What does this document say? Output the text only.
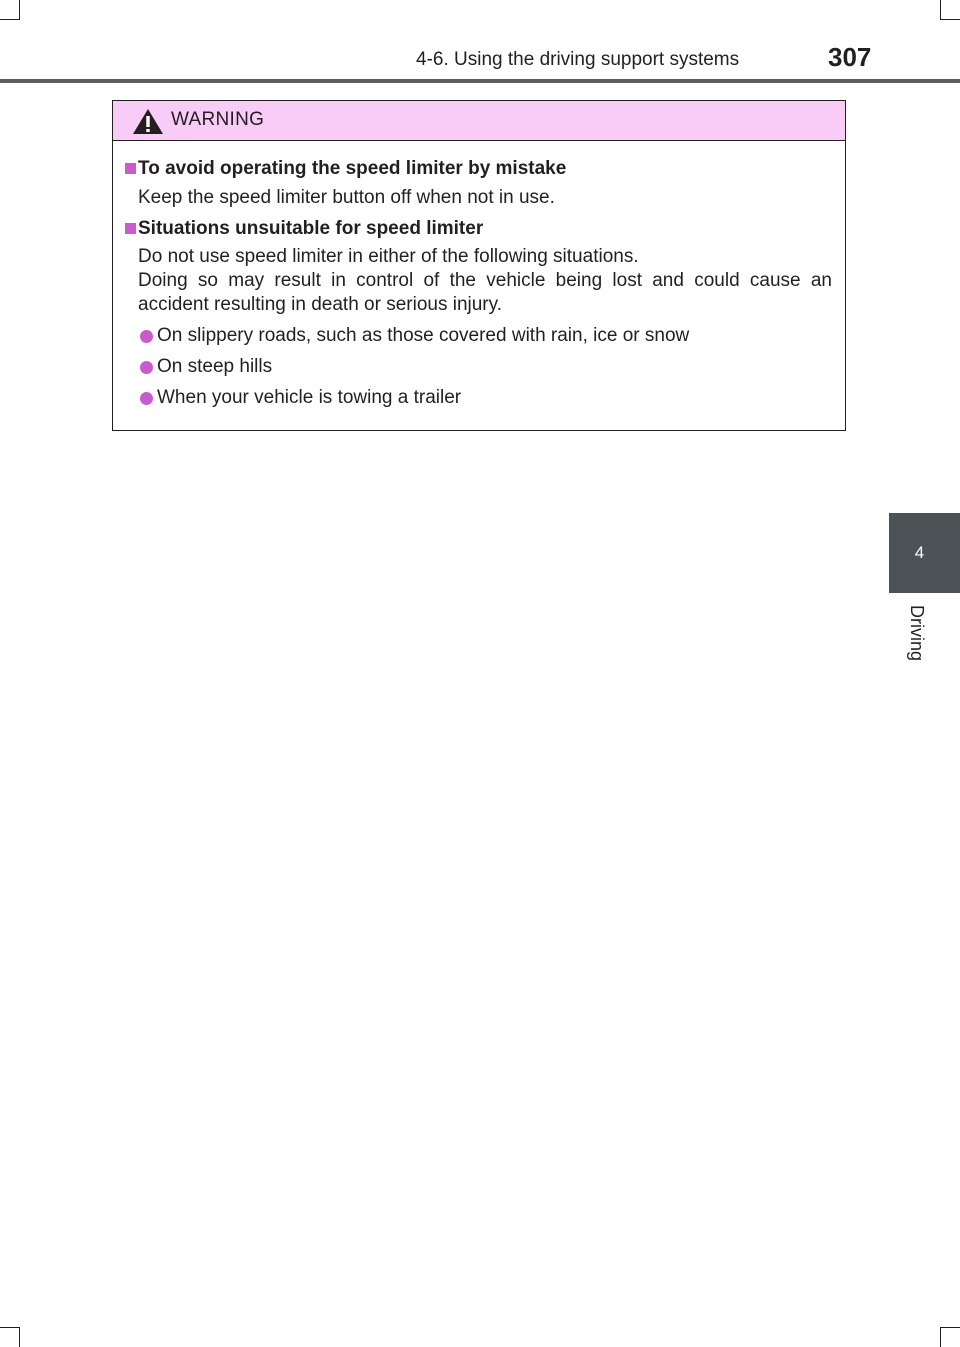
4-6. Using the driving support systems	307
4
Driving
WARNING
To avoid operating the speed limiter by mistake
Keep the speed limiter button off when not in use.
Situations unsuitable for speed limiter
Do not use speed limiter in either of the following situations.
Doing so may result in control of the vehicle being lost and could cause an
accident resulting in death or serious injury.
On slippery roads, such as those covered with rain, ice or snow
On steep hills
When your vehicle is towing a trailer
